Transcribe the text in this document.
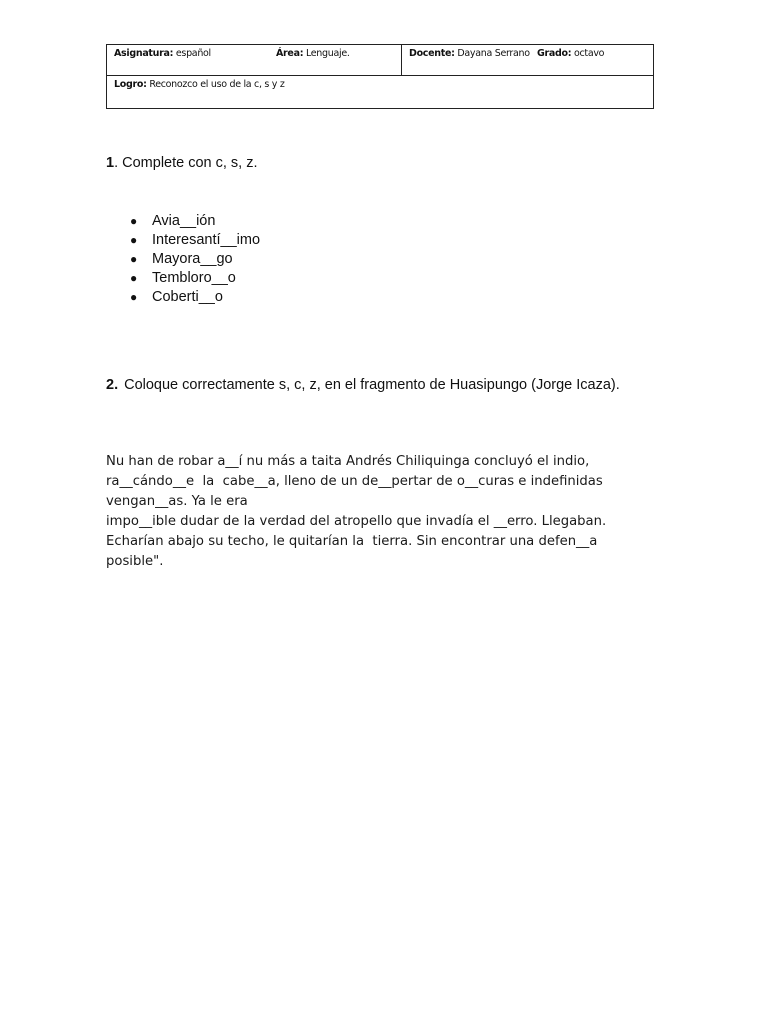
Asignatura: español	Área: Lenguaje.	Docente: Dayana Serrano Grado: octavo

Logro: Reconozco el uso de la c, s y z
1. Complete con c, s, z.
● Avia__ión
● Interesantí__imo
● Mayora__go
● Tembloro__o
● Coberti__o
2. Coloque correctamente s, c, z, en el fragmento de Huasipungo (Jorge Icaza).
Nu han de robar a__í nu más a taita Andrés Chiliquinga concluyó el indio,
ra__cándo__e  la  cabe__a, lleno de un de__pertar de o__curas e indefinidas
vengan__as. Ya le era
impo__ible dudar de la verdad del atropello que invadía el __erro. Llegaban.
Echarían abajo su techo, le quitarían la  tierra. Sin encontrar una defen__a
posible".
